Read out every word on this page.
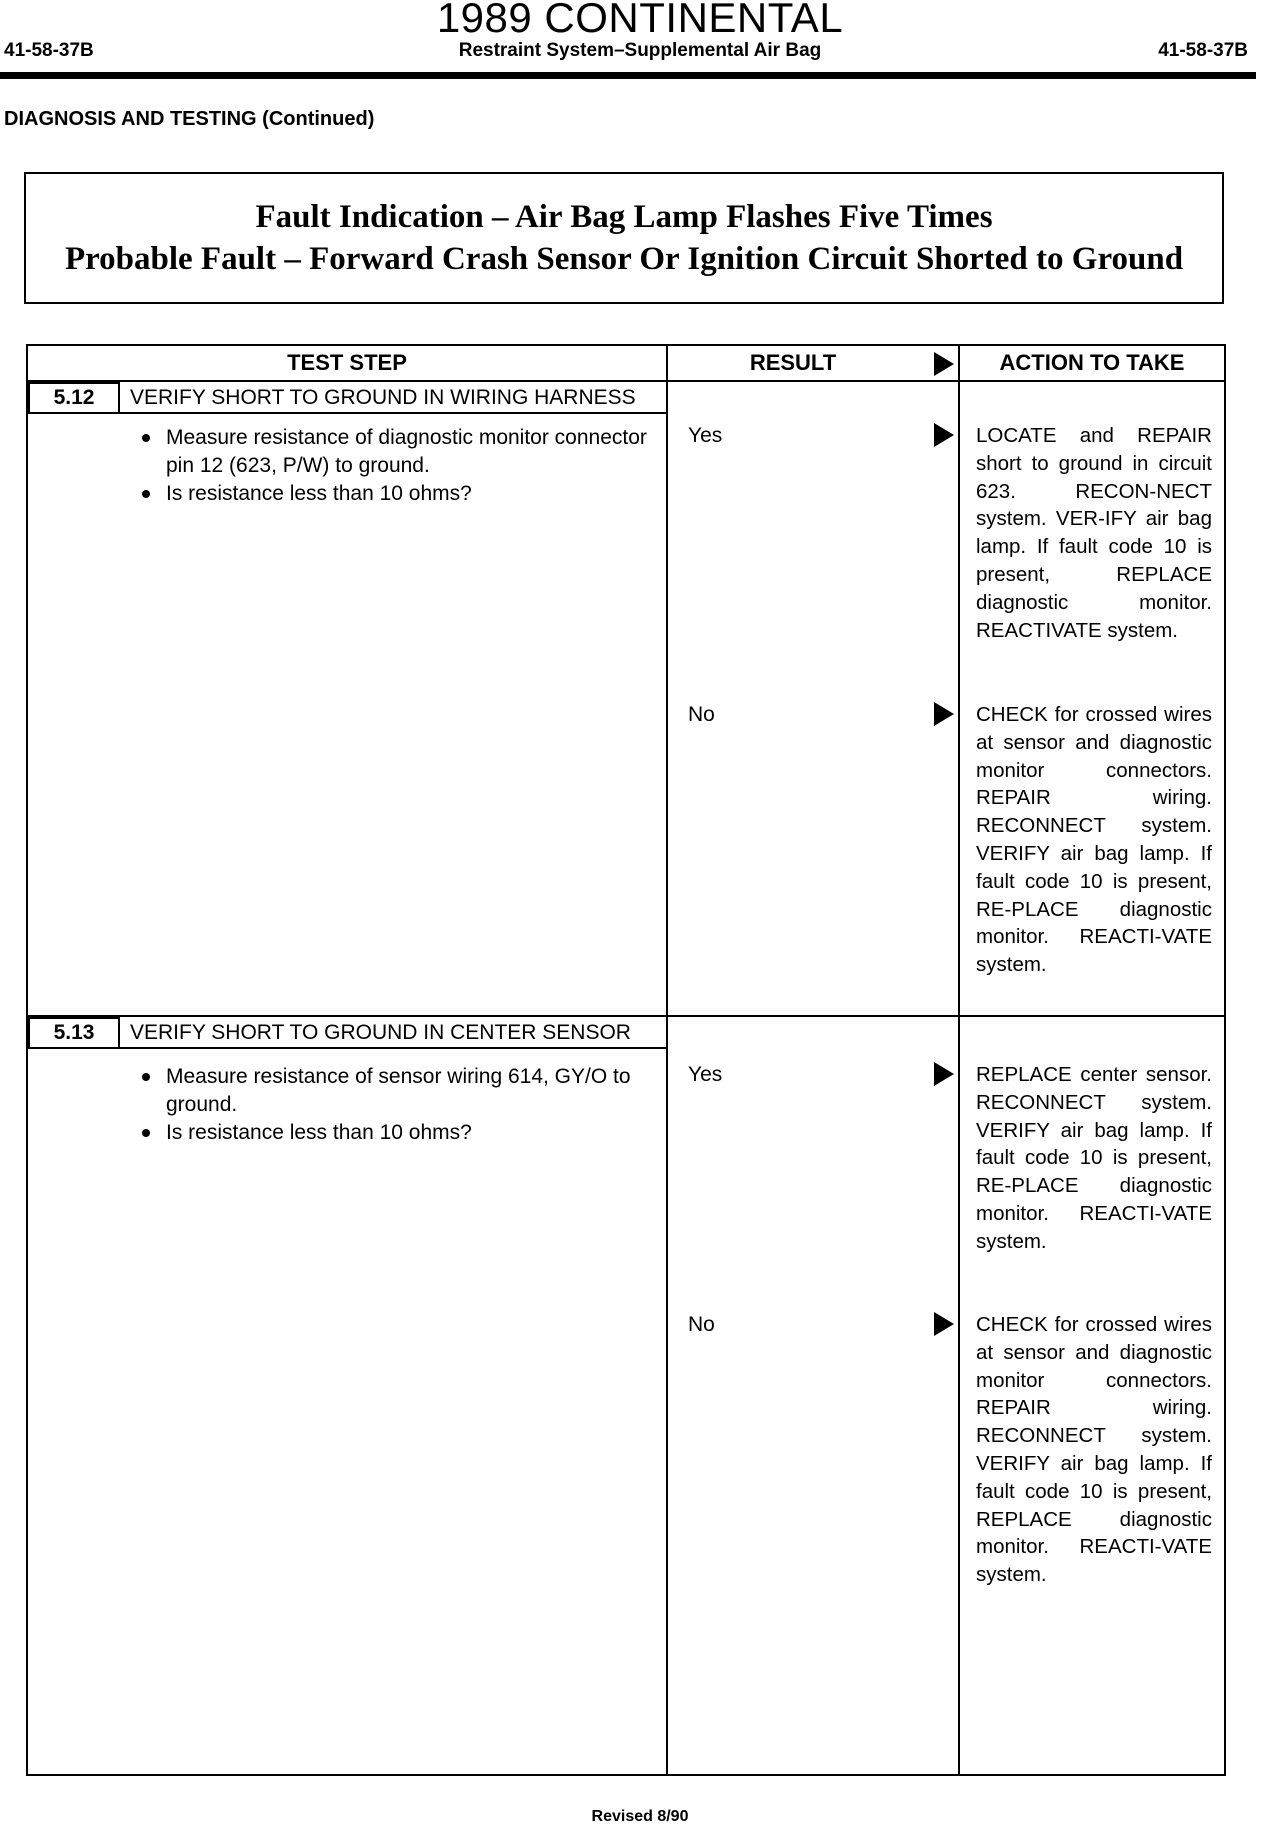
1989 CONTINENTAL
41-58-37B	Restraint System–Supplemental Air Bag	41-58-37B
DIAGNOSIS AND TESTING (Continued)
Fault Indication – Air Bag Lamp Flashes Five Times
Probable Fault – Forward Crash Sensor Or Ignition Circuit Shorted to Ground
TEST STEP	RESULT	ACTION TO TAKE
5.12	VERIFY SHORT TO GROUND IN WIRING HARNESS
Measure resistance of diagnostic monitor connector pin 12 (623, P/W) to ground.
Is resistance less than 10 ohms?
Yes	LOCATE and REPAIR short to ground in circuit 623. RECON-NECT system. VER-IFY air bag lamp. If fault code 10 is present, REPLACE diagnostic monitor. REACTIVATE system.
No	CHECK for crossed wires at sensor and diagnostic monitor connectors. REPAIR wiring. RECONNECT system. VERIFY air bag lamp. If fault code 10 is present, RE-PLACE diagnostic monitor. REACTI-VATE system.
5.13	VERIFY SHORT TO GROUND IN CENTER SENSOR
Measure resistance of sensor wiring 614, GY/O to ground.
Is resistance less than 10 ohms?
Yes	REPLACE center sensor. RECONNECT system. VERIFY air bag lamp. If fault code 10 is present, RE-PLACE diagnostic monitor. REACTI-VATE system.
No	CHECK for crossed wires at sensor and diagnostic monitor connectors. REPAIR wiring. RECONNECT system. VERIFY air bag lamp. If fault code 10 is present, REPLACE diagnostic monitor. REACTI-VATE system.
Revised 8/90
